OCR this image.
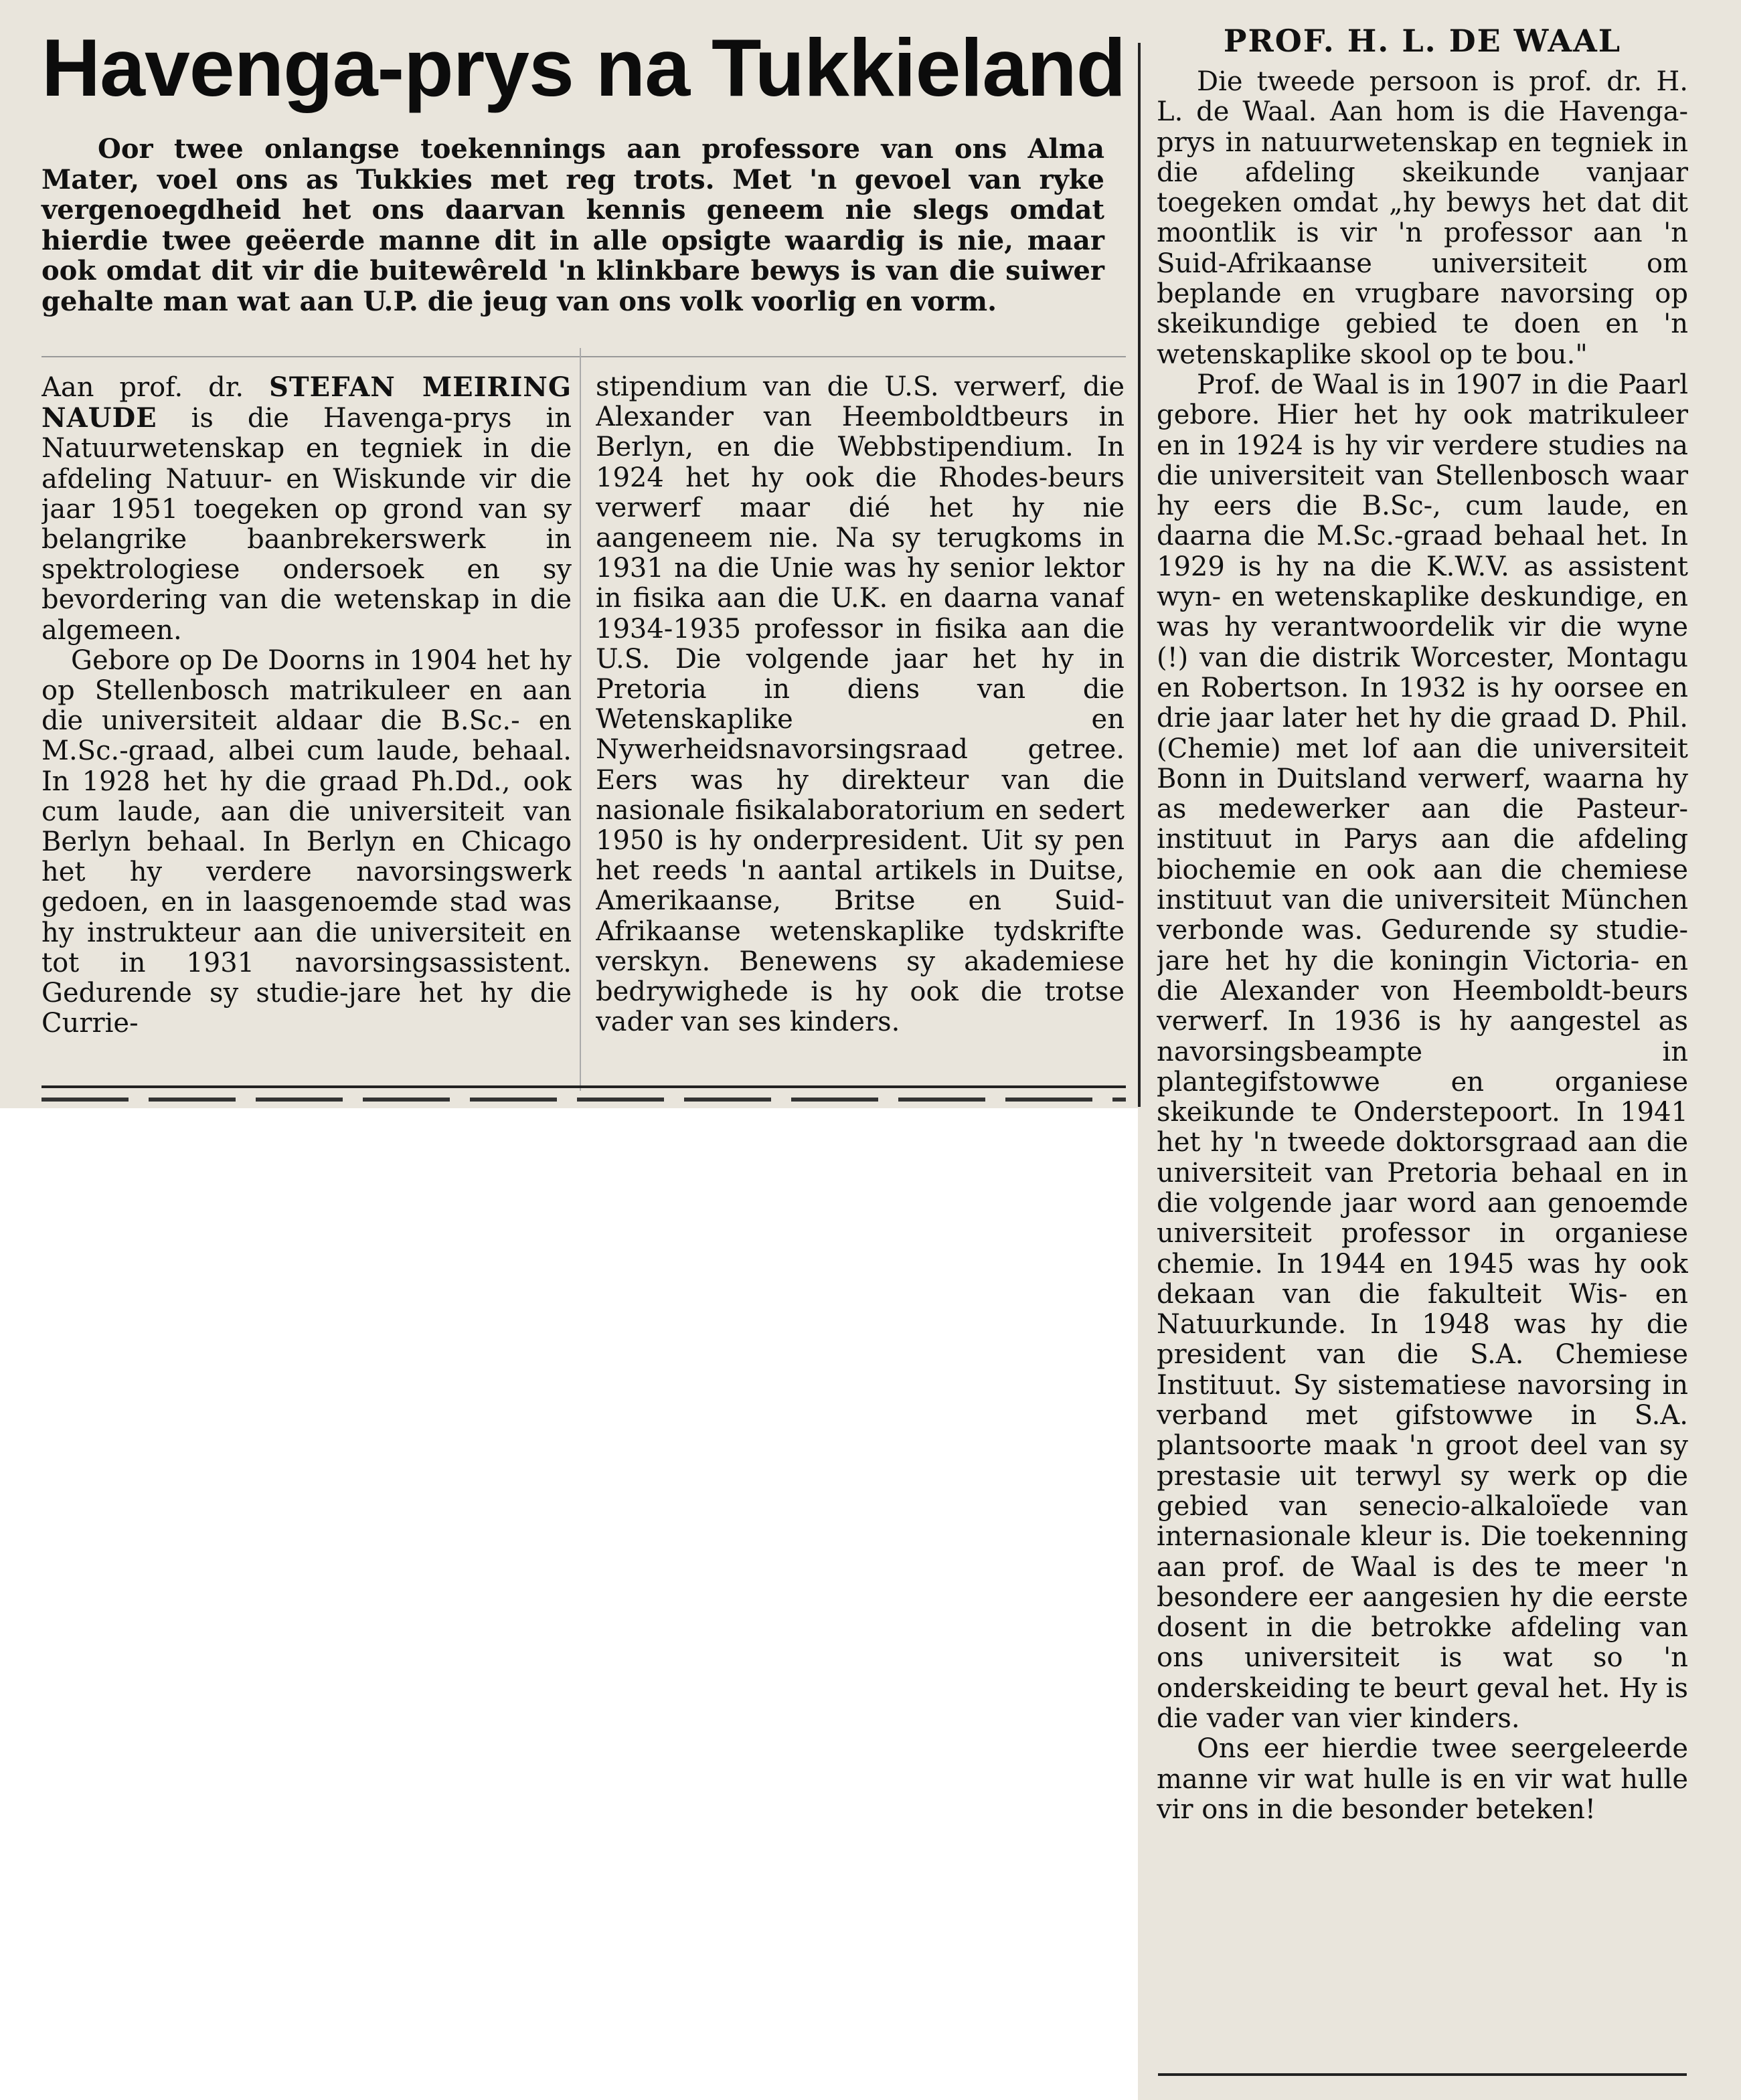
Havenga-prys na Tukkieland

Oor twee onlangse toekennings aan professore van ons Alma Mater, voel ons as Tukkies met reg trots. Met 'n gevoel van ryke vergenoegdheid het ons daarvan kennis geneem nie slegs omdat hierdie twee geëerde manne dit in alle opsigte waardig is nie, maar ook omdat dit vir die buitewêreld 'n klinkbare bewys is van die suiwer gehalte man wat aan U.P. die jeug van ons volk voorlig en vorm.

Aan prof. dr. STEFAN MEIRING NAUDE is die Havenga-prys in Natuurwetenskap en tegniek in die afdeling Natuur- en Wiskunde vir die jaar 1951 toegeken op grond van sy belangrike baanbrekerswerk in spektrologiese ondersoek en sy bevordering van die wetenskap in die algemeen.

Gebore op De Doorns in 1904 het hy op Stellenbosch matrikuleer en aan die universiteit aldaar die B.Sc.- en M.Sc.-graad, albei cum laude, behaal. In 1928 het hy die graad Ph.Dd., ook cum laude, aan die universiteit van Berlyn behaal. In Berlyn en Chicago het hy verdere navorsingswerk gedoen, en in laasgenoemde stad was hy instrukteur aan die universiteit en tot in 1931 navorsingsassistent. Gedurende sy studie-jare het hy die Currie-

stipendium van die U.S. verwerf, die Alexander van Heemboldtbeurs in Berlyn, en die Webbstipendium. In 1924 het hy ook die Rhodes-beurs verwerf maar dié het hy nie aangeneem nie. Na sy terugkoms in 1931 na die Unie was hy senior lektor in fisika aan die U.K. en daarna vanaf 1934-1935 professor in fisika aan die U.S. Die volgende jaar het hy in Pretoria in diens van die Wetenskaplike en Nywerheidsnavorsingsraad getree. Eers was hy direkteur van die nasionale fisikalaboratorium en sedert 1950 is hy onderpresident. Uit sy pen het reeds 'n aantal artikels in Duitse, Amerikaanse, Britse en Suid-Afrikaanse wetenskaplike tydskrifte verskyn. Benewens sy akademiese bedrywighede is hy ook die trotse vader van ses kinders.

PROF. H. L. DE WAAL

Die tweede persoon is prof. dr. H. L. de Waal. Aan hom is die Havenga-prys in natuurwetenskap en tegniek in die afdeling skeikunde vanjaar toegeken omdat „hy bewys het dat dit moontlik is vir 'n professor aan 'n Suid-Afrikaanse universiteit om beplande en vrugbare navorsing op skeikundige gebied te doen en 'n wetenskaplike skool op te bou."

Prof. de Waal is in 1907 in die Paarl gebore. Hier het hy ook matrikuleer en in 1924 is hy vir verdere studies na die universiteit van Stellenbosch waar hy eers die B.Sc-, cum laude, en daarna die M.Sc.-graad behaal het. In 1929 is hy na die K.W.V. as assistent wyn- en wetenskaplike deskundige, en was hy verantwoordelik vir die wyne (!) van die distrik Worcester, Montagu en Robertson. In 1932 is hy oorsee en drie jaar later het hy die graad D. Phil. (Chemie) met lof aan die universiteit Bonn in Duitsland verwerf, waarna hy as medewerker aan die Pasteur-instituut in Parys aan die afdeling biochemie en ook aan die chemiese instituut van die universiteit München verbonde was. Gedurende sy studie-jare het hy die koningin Victoria- en die Alexander von Heemboldt-beurs verwerf. In 1936 is hy aangestel as navorsingsbeampte in plantegifstowwe en organiese skeikunde te Onderstepoort. In 1941 het hy 'n tweede doktorsgraad aan die universiteit van Pretoria behaal en in die volgende jaar word aan genoemde universiteit professor in organiese chemie. In 1944 en 1945 was hy ook dekaan van die fakulteit Wis- en Natuurkunde. In 1948 was hy die president van die S.A. Chemiese Instituut. Sy sistematiese navorsing in verband met gifstowwe in S.A. plantsoorte maak 'n groot deel van sy prestasie uit terwyl sy werk op die gebied van senecio-alkaloïede van internasionale kleur is. Die toekenning aan prof. de Waal is des te meer 'n besondere eer aangesien hy die eerste dosent in die betrokke afdeling van ons universiteit is wat so 'n onderskeiding te beurt geval het. Hy is die vader van vier kinders.

Ons eer hierdie twee seergeleerde manne vir wat hulle is en vir wat hulle vir ons in die besonder beteken!
